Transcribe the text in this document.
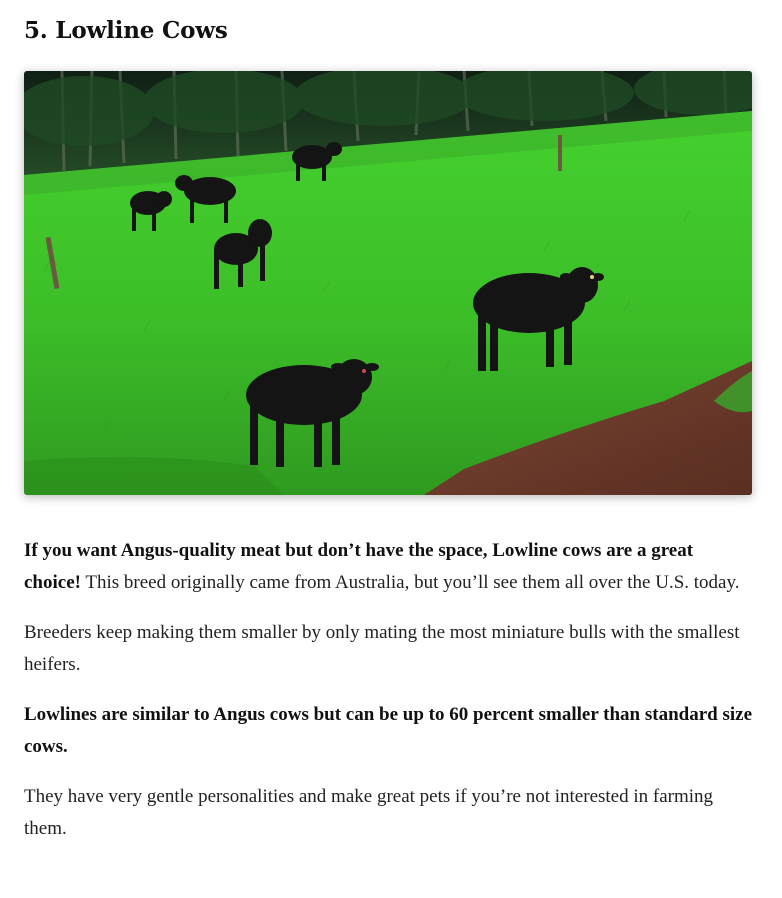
5. Lowline Cows

If you want Angus-quality meat but don’t have the space, Lowline cows are a great choice! This breed originally came from Australia, but you’ll see them all over the U.S. today.

Breeders keep making them smaller by only mating the most miniature bulls with the smallest heifers.

Lowlines are similar to Angus cows but can be up to 60 percent smaller than standard size cows.

They have very gentle personalities and make great pets if you’re not interested in farming them.
